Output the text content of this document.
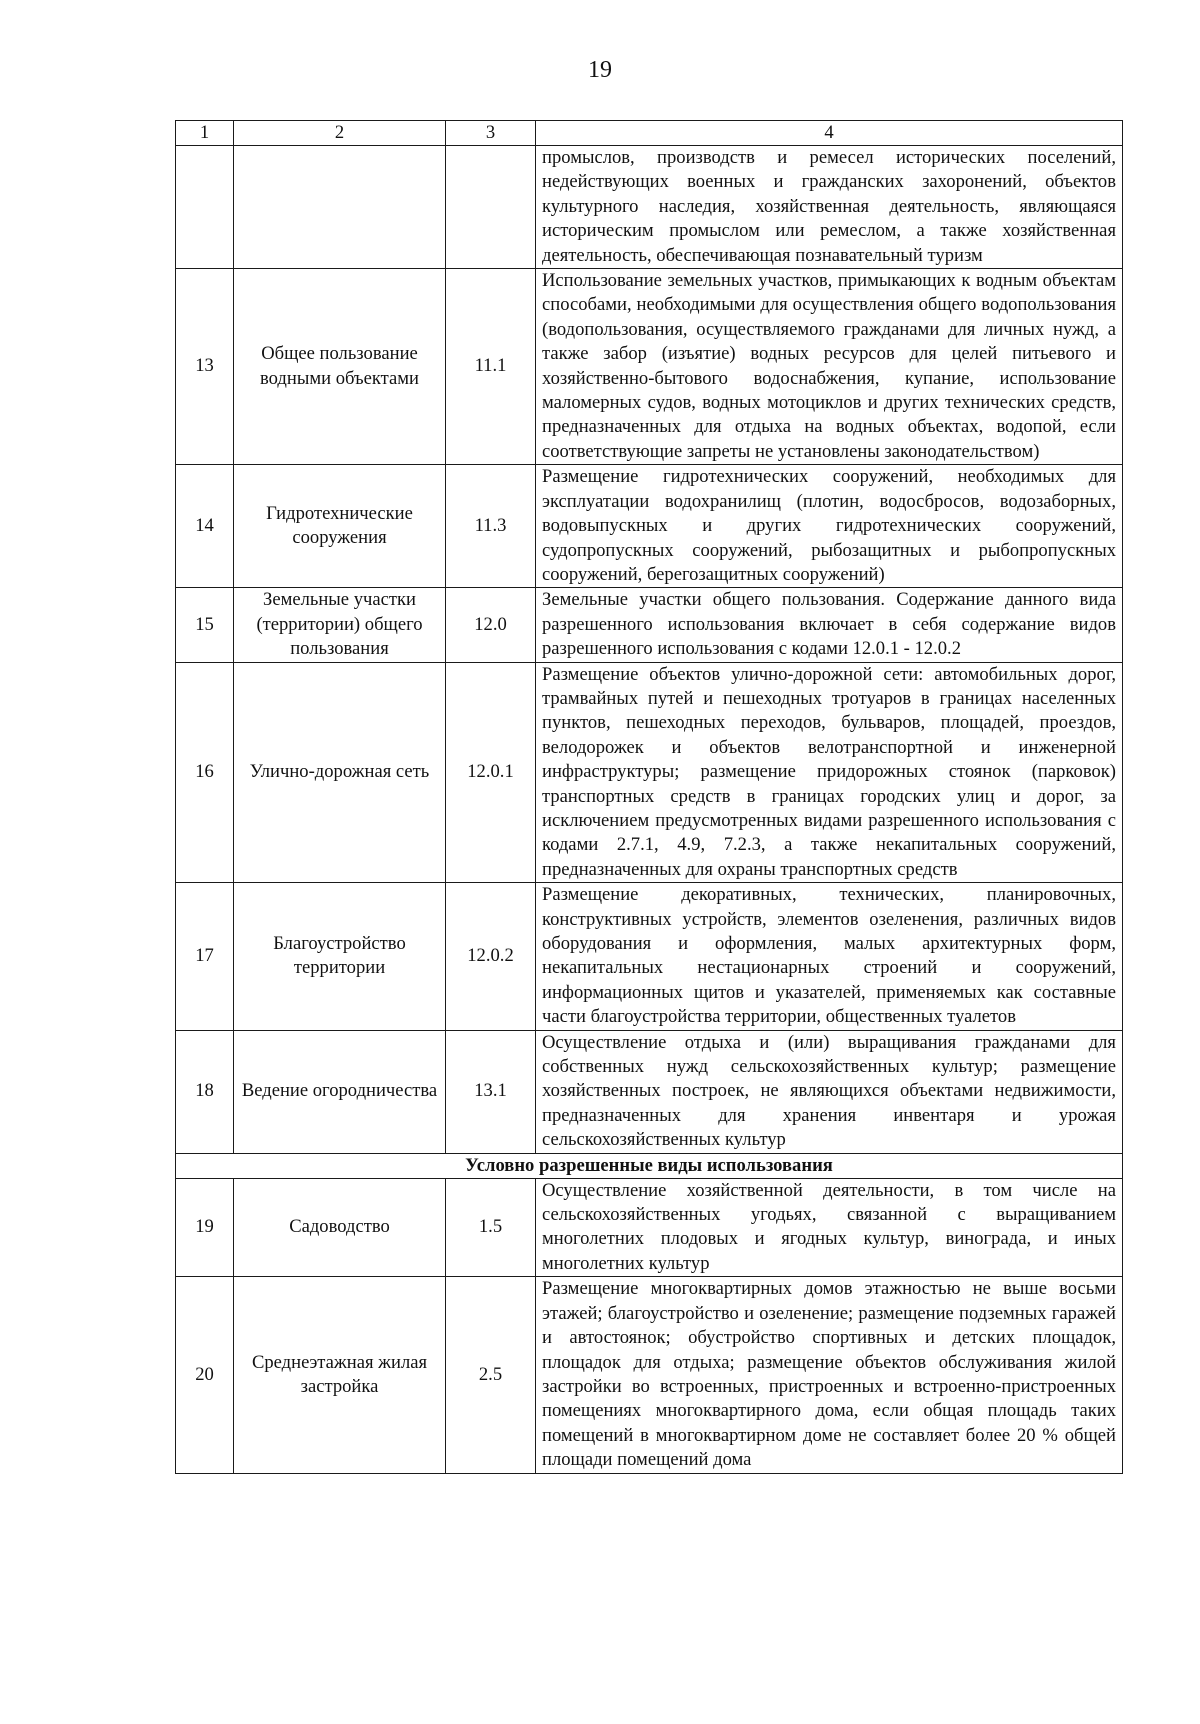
19
1	2	3	4
			промыслов, производств и ремесел исторических поселений, недействующих военных и гражданских захоронений, объектов культурного наследия, хозяйственная деятельность, являющаяся историческим промыслом или ремеслом, а также хозяйственная деятельность, обеспечивающая познавательный туризм
13	Общее пользование водными объектами	11.1	Использование земельных участков, примыкающих к водным объектам способами, необходимыми для осуществления общего водопользования (водопользования, осуществляемого гражданами для личных нужд, а также забор (изъятие) водных ресурсов для целей питьевого и хозяйственно-бытового водоснабжения, купание, использование маломерных судов, водных мотоциклов и других технических средств, предназначенных для отдыха на водных объектах, водопой, если соответствующие запреты не установлены законодательством)
14	Гидротехнические сооружения	11.3	Размещение гидротехнических сооружений, необходимых для эксплуатации водохранилищ (плотин, водосбросов, водозаборных, водовыпускных и других гидротехнических сооружений, судопропускных сооружений, рыбозащитных и рыбопропускных сооружений, берегозащитных сооружений)
15	Земельные участки (территории) общего пользования	12.0	Земельные участки общего пользования. Содержание данного вида разрешенного использования включает в себя содержание видов разрешенного использования с кодами 12.0.1 - 12.0.2
16	Улично-дорожная сеть	12.0.1	Размещение объектов улично-дорожной сети: автомобильных дорог, трамвайных путей и пешеходных тротуаров в границах населенных пунктов, пешеходных переходов, бульваров, площадей, проездов, велодорожек и объектов велотранспортной и инженерной инфраструктуры; размещение придорожных стоянок (парковок) транспортных средств в границах городских улиц и дорог, за исключением предусмотренных видами разрешенного использования с кодами 2.7.1, 4.9, 7.2.3, а также некапитальных сооружений, предназначенных для охраны транспортных средств
17	Благоустройство территории	12.0.2	Размещение декоративных, технических, планировочных, конструктивных устройств, элементов озеленения, различных видов оборудования и оформления, малых архитектурных форм, некапитальных нестационарных строений и сооружений, информационных щитов и указателей, применяемых как составные части благоустройства территории, общественных туалетов
18	Ведение огородничества	13.1	Осуществление отдыха и (или) выращивания гражданами для собственных нужд сельскохозяйственных культур; размещение хозяйственных построек, не являющихся объектами недвижимости, предназначенных для хранения инвентаря и урожая сельскохозяйственных культур
Условно разрешенные виды использования			
19	Садоводство	1.5	Осуществление хозяйственной деятельности, в том числе на сельскохозяйственных угодьях, связанной с выращиванием многолетних плодовых и ягодных культур, винограда, и иных многолетних культур
20	Среднеэтажная жилая застройка	2.5	Размещение многоквартирных домов этажностью не выше восьми этажей; благоустройство и озеленение; размещение подземных гаражей и автостоянок; обустройство спортивных и детских площадок, площадок для отдыха; размещение объектов обслуживания жилой застройки во встроенных, пристроенных и встроенно-пристроенных помещениях многоквартирного дома, если общая площадь таких помещений в многоквартирном доме не составляет более 20 % общей площади помещений дома
